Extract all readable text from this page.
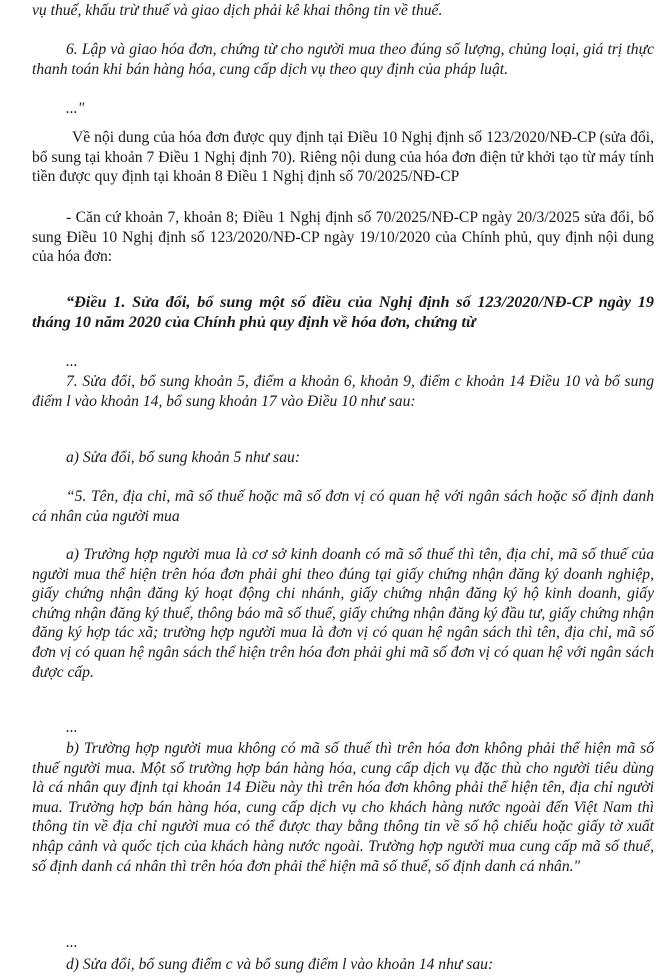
vụ thuế, khấu trừ thuế và giao dịch phải kê khai thông tin về thuế.

6. Lập và giao hóa đơn, chứng từ cho người mua theo đúng số lượng, chủng loại, giá trị thực thanh toán khi bán hàng hóa, cung cấp dịch vụ theo quy định của pháp luật.

..."

Về nội dung của hóa đơn được quy định tại Điều 10 Nghị định số 123/2020/NĐ-CP (sửa đổi, bổ sung tại khoản 7 Điều 1 Nghị định 70). Riêng nội dung của hóa đơn điện tử khởi tạo từ máy tính tiền được quy định tại khoản 8 Điều 1 Nghị định số 70/2025/NĐ-CP

- Căn cứ khoản 7, khoản 8; Điều 1 Nghị định số 70/2025/NĐ-CP ngày 20/3/2025 sửa đổi, bổ sung Điều 10 Nghị định số 123/2020/NĐ-CP ngày 19/10/2020 của Chính phủ, quy định nội dung của hóa đơn:

“Điều 1. Sửa đổi, bổ sung một số điều của Nghị định số 123/2020/NĐ-CP ngày 19 tháng 10 năm 2020 của Chính phủ quy định về hóa đơn, chứng từ

...

7. Sửa đổi, bổ sung khoản 5, điểm a khoản 6, khoản 9, điểm c khoản 14 Điều 10 và bổ sung điểm l vào khoản 14, bổ sung khoản 17 vào Điều 10 như sau:

a) Sửa đổi, bổ sung khoản 5 như sau:

“5. Tên, địa chỉ, mã số thuế hoặc mã số đơn vị có quan hệ với ngân sách hoặc số định danh cá nhân của người mua

a) Trường hợp người mua là cơ sở kinh doanh có mã số thuế thì tên, địa chỉ, mã số thuế của người mua thể hiện trên hóa đơn phải ghi theo đúng tại giấy chứng nhận đăng ký doanh nghiệp, giấy chứng nhận đăng ký hoạt động chi nhánh, giấy chứng nhận đăng ký hộ kinh doanh, giấy chứng nhận đăng ký thuế, thông báo mã số thuế, giấy chứng nhận đăng ký đầu tư, giấy chứng nhận đăng ký hợp tác xã; trường hợp người mua là đơn vị có quan hệ ngân sách thì tên, địa chỉ, mã số đơn vị có quan hệ ngân sách thể hiện trên hóa đơn phải ghi mã số đơn vị có quan hệ với ngân sách được cấp.

...

b) Trường hợp người mua không có mã số thuế thì trên hóa đơn không phải thể hiện mã số thuế người mua. Một số trường hợp bán hàng hóa, cung cấp dịch vụ đặc thù cho người tiêu dùng là cá nhân quy định tại khoản 14 Điều này thì trên hóa đơn không phải thể hiện tên, địa chỉ người mua. Trường hợp bán hàng hóa, cung cấp dịch vụ cho khách hàng nước ngoài đến Việt Nam thì thông tin về địa chỉ người mua có thể được thay bằng thông tin về số hộ chiếu hoặc giấy tờ xuất nhập cảnh và quốc tịch của khách hàng nước ngoài. Trường hợp người mua cung cấp mã số thuế, số định danh cá nhân thì trên hóa đơn phải thể hiện mã số thuế, số định danh cá nhân."

...

d) Sửa đổi, bổ sung điểm c và bổ sung điểm l vào khoản 14 như sau:
